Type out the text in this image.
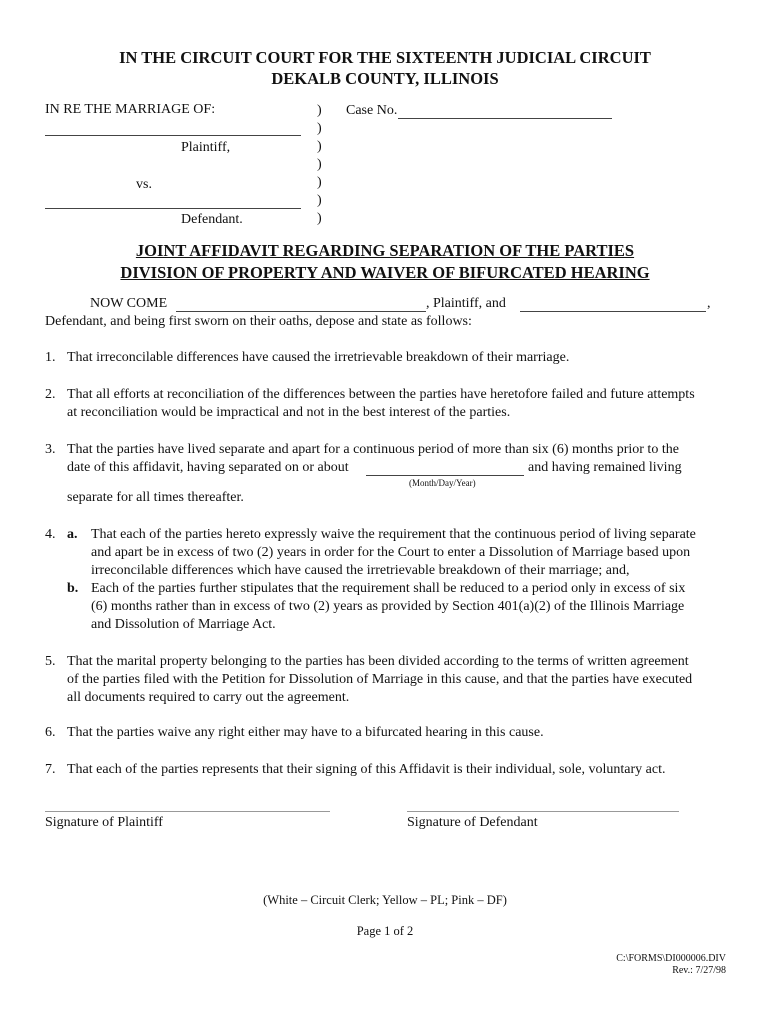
IN THE CIRCUIT COURT FOR THE SIXTEENTH JUDICIAL CIRCUIT
DEKALB COUNTY, ILLINOIS
IN RE THE MARRIAGE OF:
Plaintiff,
vs.
Defendant.
)
)
)
)
)
)
)
Case No.
JOINT AFFIDAVIT REGARDING SEPARATION OF THE PARTIES
DIVISION OF PROPERTY AND WAIVER OF BIFURCATED HEARING
NOW COME	, Plaintiff, and	,
Defendant, and being first sworn on their oaths, depose and state as follows:
1. That irreconcilable differences have caused the irretrievable breakdown of their marriage.
2. That all efforts at reconciliation of the differences between the parties have heretofore failed and future attempts
at reconciliation would be impractical and not in the best interest of the parties.
3. That the parties have lived separate and apart for a continuous period of more than six (6) months prior to the
date of this affidavit, having separated on or about	and having remained living
(Month/Day/Year)
separate for all times thereafter.
4. a. That each of the parties hereto expressly waive the requirement that the continuous period of living separate
and apart be in excess of two (2) years in order for the Court to enter a Dissolution of Marriage based upon
irreconcilable differences which have caused the irretrievable breakdown of their marriage; and,
b. Each of the parties further stipulates that the requirement shall be reduced to a period only in excess of six
(6) months rather than in excess of two (2) years as provided by Section 401(a)(2) of the Illinois Marriage
and Dissolution of Marriage Act.
5. That the marital property belonging to the parties has been divided according to the terms of written agreement
of the parties filed with the Petition for Dissolution of Marriage in this cause, and that the parties have executed
all documents required to carry out the agreement.
6. That the parties waive any right either may have to a bifurcated hearing in this cause.
7. That each of the parties represents that their signing of this Affidavit is their individual, sole, voluntary act.
Signature of Plaintiff	Signature of Defendant
(White – Circuit Clerk; Yellow – PL; Pink – DF)
Page 1 of 2
C:\FORMS\DI000006.DIV
Rev.: 7/27/98
